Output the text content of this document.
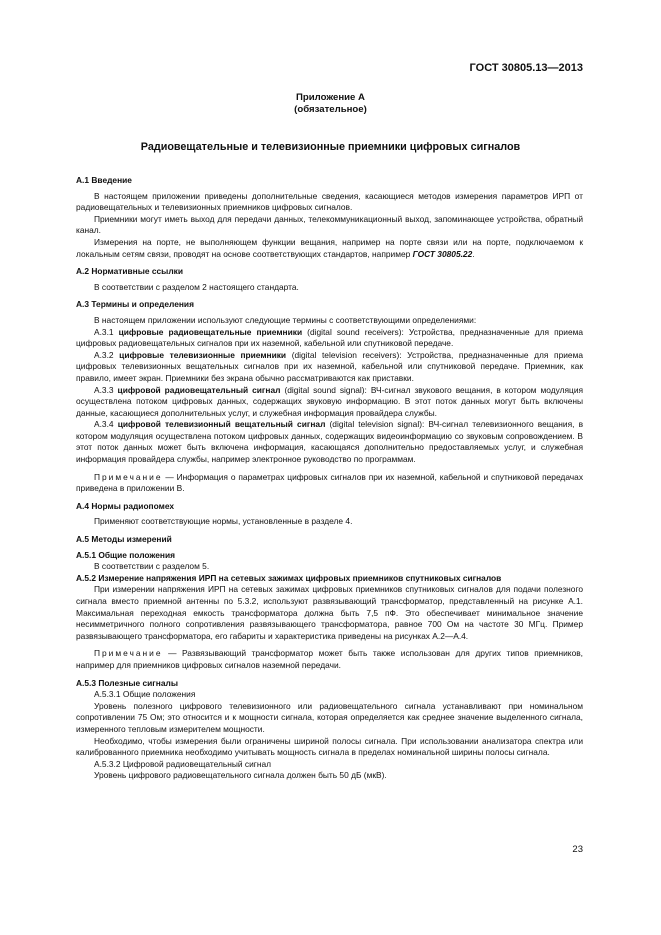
ГОСТ 30805.13—2013
Приложение А
(обязательное)
Радиовещательные и телевизионные приемники цифровых сигналов
А.1 Введение

В настоящем приложении приведены дополнительные сведения, касающиеся методов измерения параметров ИРП от радиовещательных и телевизионных приемников цифровых сигналов.

Приемники могут иметь выход для передачи данных, телекоммуникационный выход, запоминающее устройства, обратный канал.

Измерения на порте, не выполняющем функции вещания, например на порте связи или на порте, подключаемом к локальным сетям связи, проводят на основе соответствующих стандартов, например ГОСТ 30805.22.

А.2 Нормативные ссылки

В соответствии с разделом 2 настоящего стандарта.

А.3 Термины и определения

В настоящем приложении используют следующие термины с соответствующими определениями:

А.3.1 цифровые радиовещательные приемники (digital sound receivers): Устройства, предназначенные для приема цифровых радиовещательных сигналов при их наземной, кабельной или спутниковой передаче.

А.3.2 цифровые телевизионные приемники (digital television receivers): Устройства, предназначенные для приема цифровых телевизионных вещательных сигналов при их наземной, кабельной или спутниковой передаче. Приемник, как правило, имеет экран. Приемники без экрана обычно рассматриваются как приставки.

А.3.3 цифровой радиовещательный сигнал (digital sound signal): ВЧ-сигнал звукового вещания, в котором модуляция осуществлена потоком цифровых данных, содержащих звуковую информацию. В этот поток данных могут быть включены данные, касающиеся дополнительных услуг, и служебная информация провайдера службы.

А.3.4 цифровой телевизионный вещательный сигнал (digital television signal): ВЧ-сигнал телевизионного вещания, в котором модуляция осуществлена потоком цифровых данных, содержащих видеоинформацию со звуковым сопровождением. В этот поток данных может быть включена информация, касающаяся дополнительно предоставляемых услуг, и служебная информация провайдера службы, например электронное руководство по программам.

Примечание — Информация о параметрах цифровых сигналов при их наземной, кабельной и спутниковой передачах приведена в приложении В.

А.4 Нормы радиопомех

Применяют соответствующие нормы, установленные в разделе 4.

А.5 Методы измерений
А.5.1 Общие положения

В соответствии с разделом 5.

А.5.2 Измерение напряжения ИРП на сетевых зажимах цифровых приемников спутниковых сигналов

При измерении напряжения ИРП на сетевых зажимах цифровых приемников спутниковых сигналов для подачи полезного сигнала вместо приемной антенны по 5.3.2, используют развязывающий трансформатор, представленный на рисунке А.1. Максимальная переходная емкость трансформатора должна быть 7,5 пФ. Это обеспечивает минимальное значение несимметричного полного сопротивления развязывающего трансформатора, равное 700 Ом на частоте 30 МГц. Пример развязывающего трансформатора, его габариты и характеристика приведены на рисунках А.2—А.4.

Примечание — Развязывающий трансформатор может быть также использован для других типов приемников, например для приемников цифровых сигналов наземной передачи.

А.5.3 Полезные сигналы

А.5.3.1 Общие положения

Уровень полезного цифрового телевизионного или радиовещательного сигнала устанавливают при номинальном сопротивлении 75 Ом; это относится и к мощности сигнала, которая определяется как среднее значение выделенного сигнала, измеренного тепловым измерителем мощности.

Необходимо, чтобы измерения были ограничены шириной полосы сигнала. При использовании анализатора спектра или калиброванного приемника необходимо учитывать мощность сигнала в пределах номинальной ширины полосы сигнала.

А.5.3.2 Цифровой радиовещательный сигнал

Уровень цифрового радиовещательного сигнала должен быть 50 дБ (мкВ).

23
